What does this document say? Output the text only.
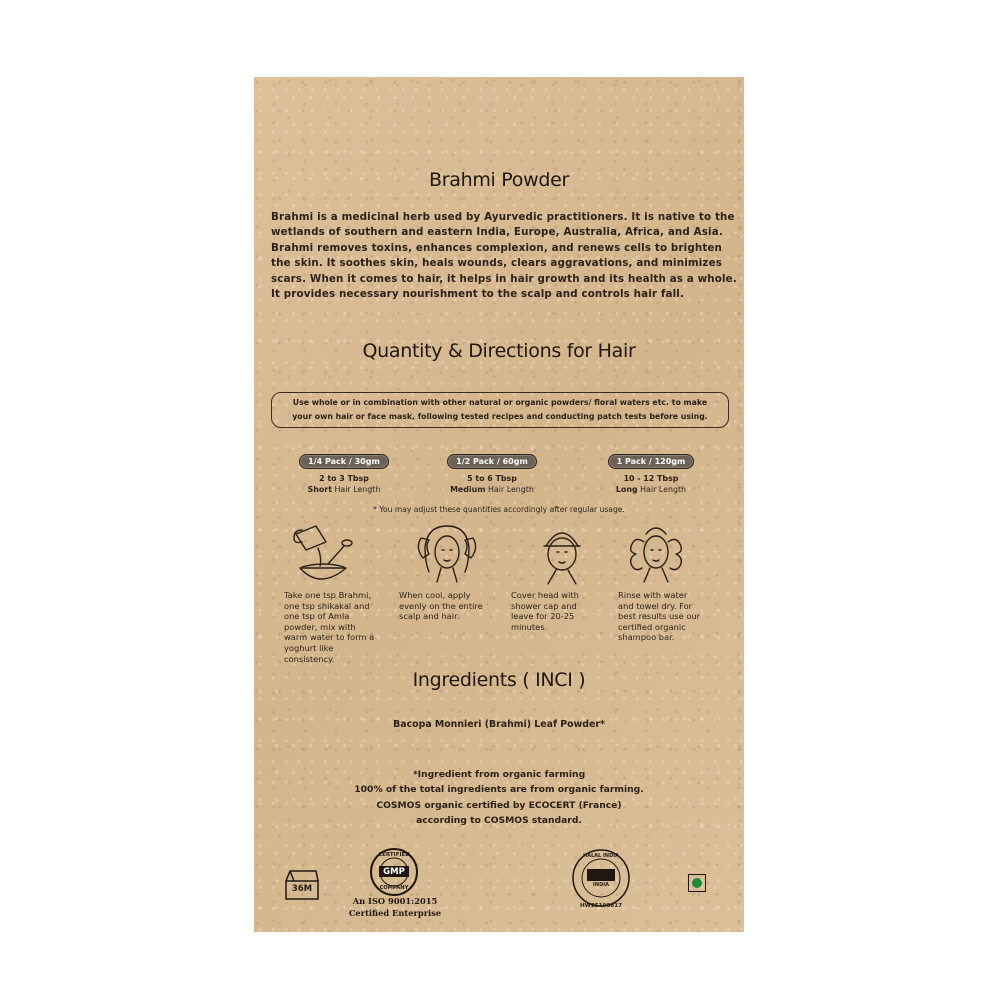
Brahmi Powder
Brahmi is a medicinal herb used by Ayurvedic practitioners. It is native to the
wetlands of southern and eastern India, Europe, Australia, Africa, and Asia.
Brahmi removes toxins, enhances complexion, and renews cells to brighten
the skin. It soothes skin, heals wounds, clears aggravations, and minimizes
scars. When it comes to hair, it helps in hair growth and its health as a whole.
It provides necessary nourishment to the scalp and controls hair fall.
Quantity & Directions for Hair
Use whole or in combination with other natural or organic powders/ floral waters etc. to make
your own hair or face mask, following tested recipes and conducting patch tests before using.
1/4 Pack / 30gm
2 to 3 Tbsp
Short Hair Length
1/2 Pack / 60gm
5 to 6 Tbsp
Medium Hair Length
1 Pack / 120gm
10 - 12 Tbsp
Long Hair Length
* You may adjust these quantities accordingly after regular usage.
Take one tsp Brahmi,
one tsp shikakai and
one tsp of Amla
powder, mix with
warm water to form a
yoghurt like
consistency.
When cool, apply
evenly on the entire
scalp and hair.
Cover head with
shower cap and
leave for 20-25
minutes.
Rinse with water
and towel dry. For
best results use our
certified organic
shampoo bar.
Ingredients ( INCI )
Bacopa Monnieri (Brahmi) Leaf Powder*
*Ingredient from organic farming
100% of the total ingredients are from organic farming.
COSMOS organic certified by ECOCERT (France)
according to COSMOS standard.
36M
CERTIFIED
GMP
COMPANY
An ISO 9001:2015
Certified Enterprise
HALAL INDIA
INDIA
HW25190817
